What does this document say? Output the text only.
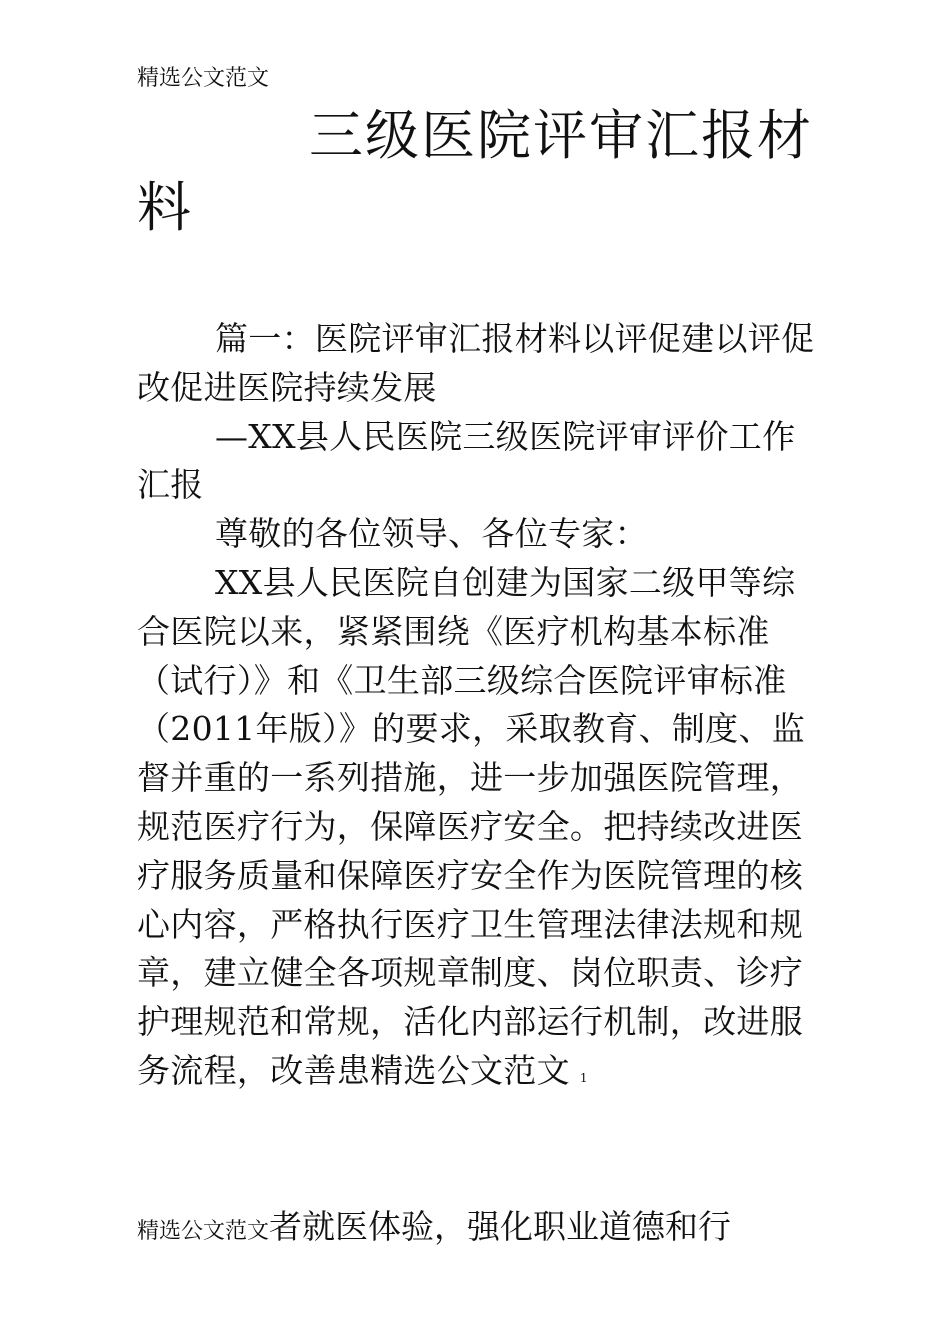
精选公文范文
三级医院评审汇报材料

篇一：医院评审汇报材料以评促建以评促改促进医院持续发展

—XX县人民医院三级医院评审评价工作汇报

尊敬的各位领导、各位专家：

XX县人民医院自创建为国家二级甲等综合医院以来，紧紧围绕《医疗机构基本标准（试行）》和《卫生部三级综合医院评审标准（2011年版）》的要求，采取教育、制度、监督并重的一系列措施，进一步加强医院管理，规范医疗行为，保障医疗安全。把持续改进医疗服务质量和保障医疗安全作为医院管理的核心内容，严格执行医疗卫生管理法律法规和规章，建立健全各项规章制度、岗位职责、诊疗护理规范和常规，活化内部运行机制，改进服务流程，改善患精选公文范文 1

精选公文范文者就医体验，强化职业道德和行
